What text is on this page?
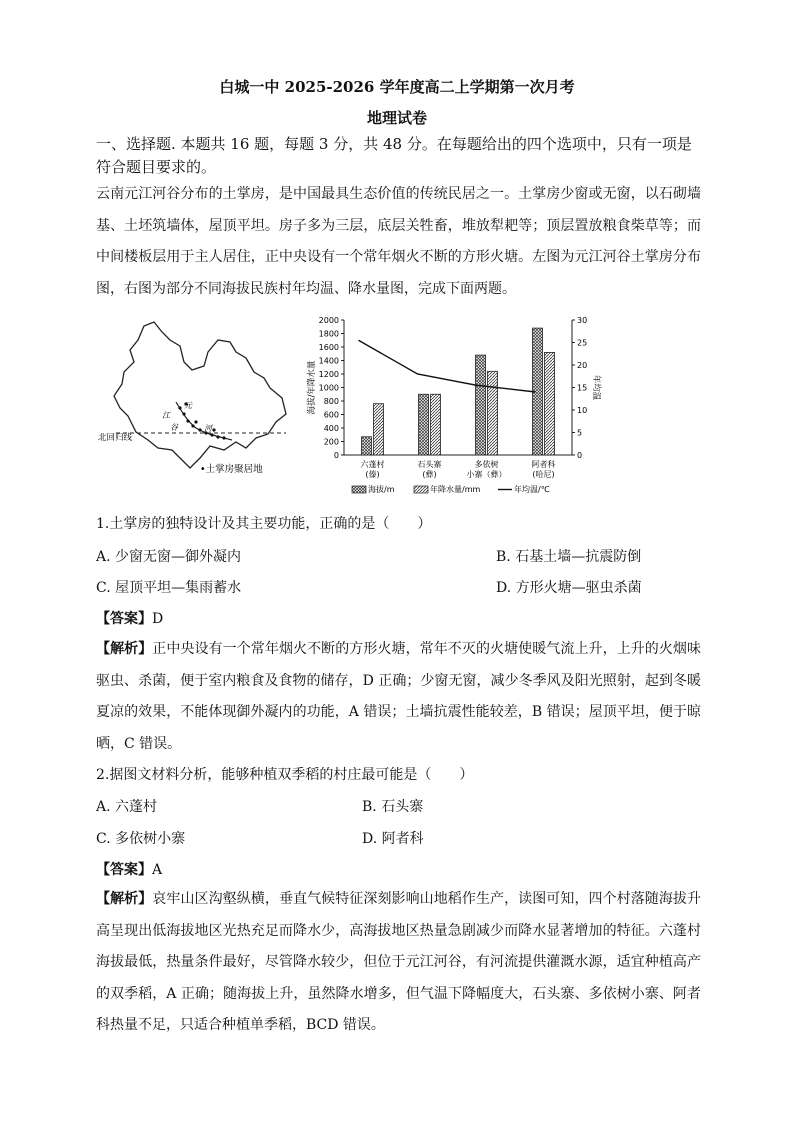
白城一中 2025-2026 学年度高二上学期第一次月考
地理试卷
一、选择题. 本题共 16 题，每题 3 分，共 48 分。在每题给出的四个选项中，只有一项是符合题目要求的。
云南元江河谷分布的土掌房，是中国最具生态价值的传统民居之一。土掌房少窗或无窗，以石砌墙基、土坯筑墙体，屋顶平坦。房子多为三层，底层关牲畜，堆放犁耙等；顶层置放粮食柴草等；而中间楼板层用于主人居住，正中央设有一个常年烟火不断的方形火塘。左图为元江河谷土掌房分布图，右图为部分不同海拔民族村年均温、降水量图，完成下面两题。
元
江
河
谷
北回归线
•土掌房聚居地
0
200
400
600
800
1000
1200
1400
1600
1800
2000
0
5
10
15
20
25
30
海拔/年降水量	年均温
六蓬村
(傣)
石头寨
(彝)
多依树
小寨（彝）
阿者科
(哈尼)
海拔/m	年降水量/mm	年均温/℃
1.土掌房的独特设计及其主要功能，正确的是（　　）
A. 少窗无窗—御外凝内	B. 石基土墙—抗震防倒
C. 屋顶平坦—集雨蓄水	D. 方形火塘—驱虫杀菌
【答案】D
【解析】正中央设有一个常年烟火不断的方形火塘，常年不灭的火塘使暖气流上升，上升的火烟味驱虫、杀菌，便于室内粮食及食物的储存，D 正确；少窗无窗，减少冬季风及阳光照射，起到冬暖夏凉的效果，不能体现御外凝内的功能，A 错误；土墙抗震性能较差，B 错误；屋顶平坦，便于晾晒，C 错误。
2.据图文材料分析，能够种植双季稻的村庄最可能是（　　）
A. 六蓬村	B. 石头寨
C. 多依树小寨	D. 阿者科
【答案】A
【解析】哀牢山区沟壑纵横，垂直气候特征深刻影响山地稻作生产，读图可知，四个村落随海拔升高呈现出低海拔地区光热充足而降水少，高海拔地区热量急剧减少而降水显著增加的特征。六蓬村海拔最低，热量条件最好，尽管降水较少，但位于元江河谷，有河流提供灌溉水源，适宜种植高产的双季稻，A 正确；随海拔上升，虽然降水增多，但气温下降幅度大，石头寨、多依树小寨、阿者科热量不足，只适合种植单季稻，BCD 错误。
